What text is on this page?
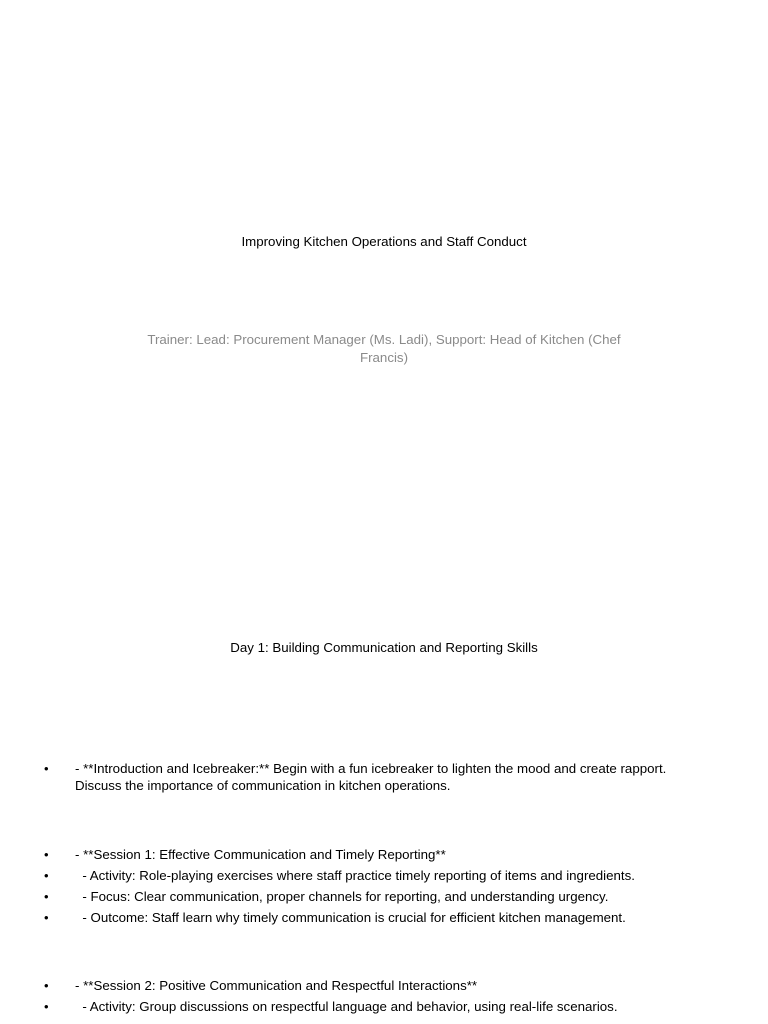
Improving Kitchen Operations and Staff Conduct
Trainer: Lead: Procurement Manager (Ms. Ladi), Support: Head of Kitchen (Chef Francis)
Day 1: Building Communication and Reporting Skills
• - **Introduction and Icebreaker:** Begin with a fun icebreaker to lighten the mood and create rapport. Discuss the importance of communication in kitchen operations.
• - **Session 1: Effective Communication and Timely Reporting**
• - Activity: Role-playing exercises where staff practice timely reporting of items and ingredients.
• - Focus: Clear communication, proper channels for reporting, and understanding urgency.
• - Outcome: Staff learn why timely communication is crucial for efficient kitchen management.
• - **Session 2: Positive Communication and Respectful Interactions**
• - Activity: Group discussions on respectful language and behavior, using real-life scenarios.
